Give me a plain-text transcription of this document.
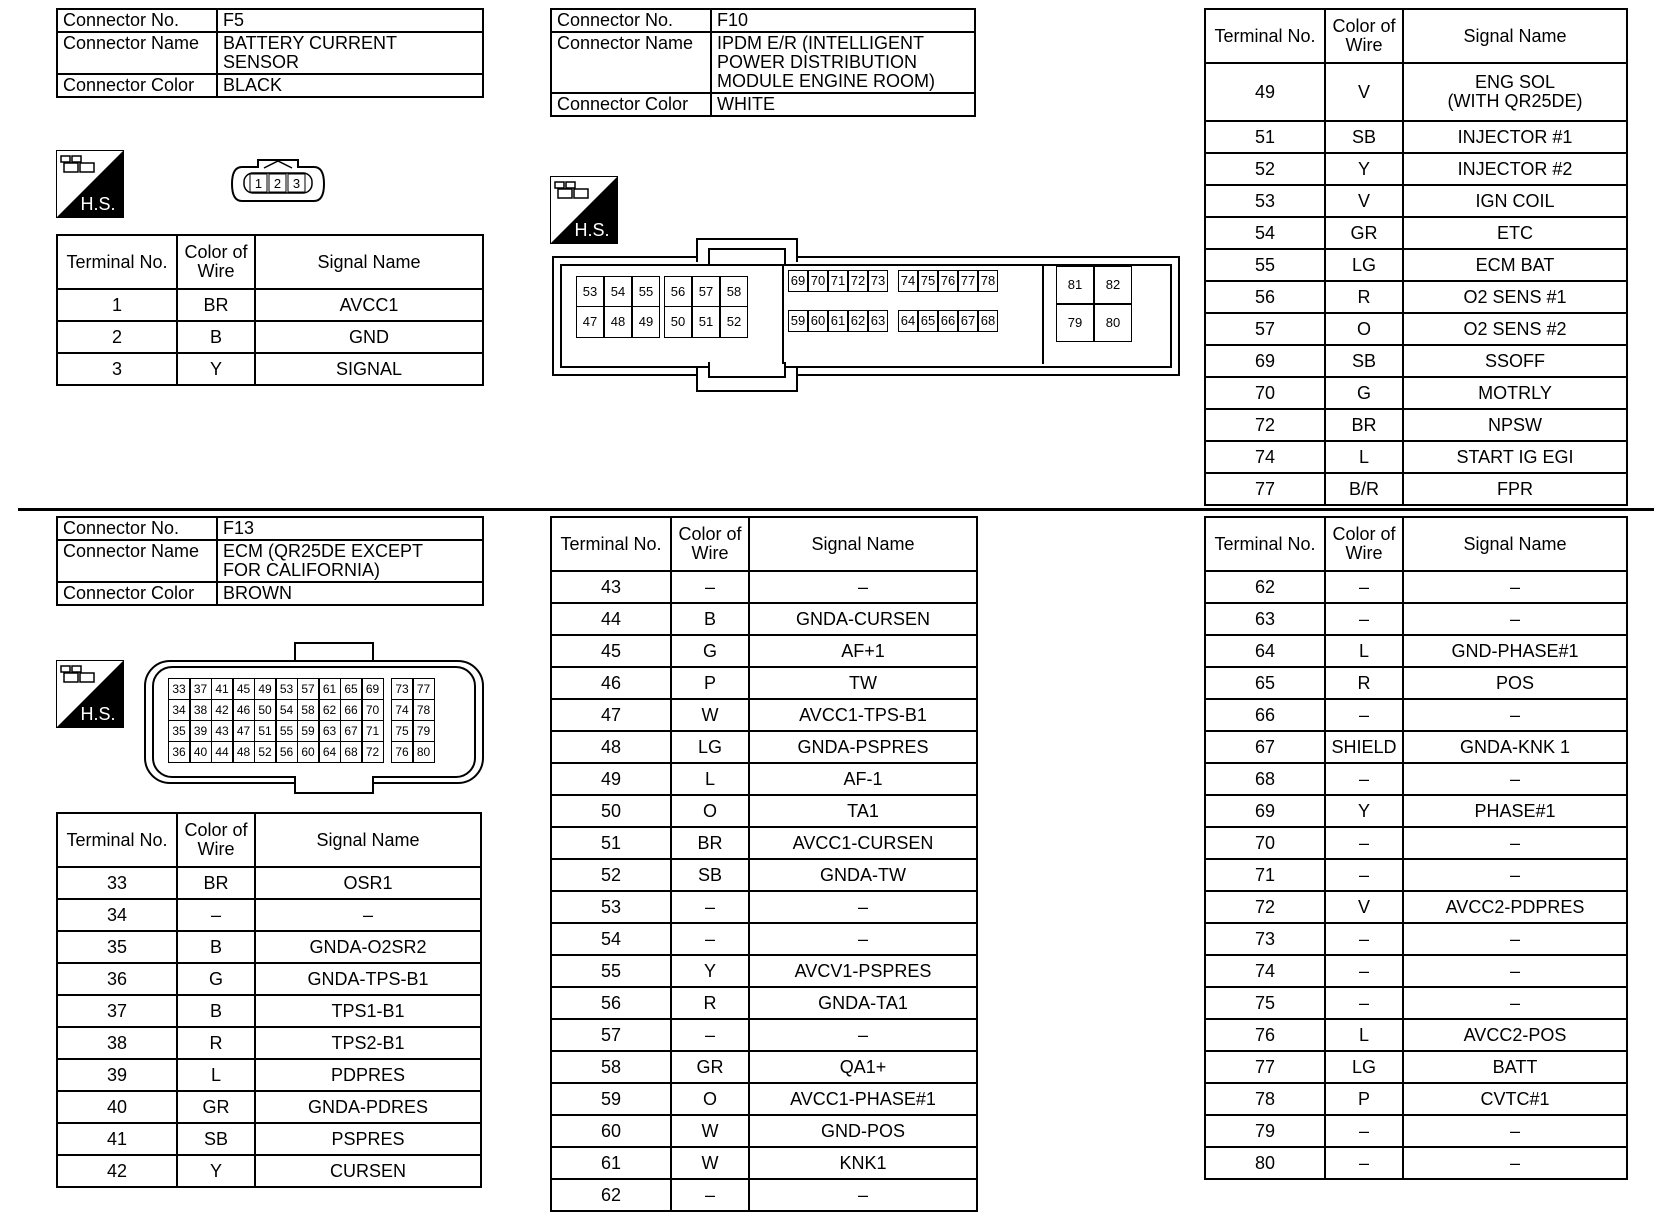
Connector No.	F5
Connector Name	BATTERY CURRENT
SENSOR
Connector Color	BLACK
H.S.
1 2 3
Terminal No.	Color of
Wire	Signal Name
1	BR	AVCC1
2	B	GND
3	Y	SIGNAL
Connector No.	F10
Connector Name	IPDM E/R (INTELLIGENT
POWER DISTRIBUTION
MODULE ENGINE ROOM)
Connector Color	WHITE
H.S.
53	54	55	56	57	58
47	48	49	50	51	52
69 70 71 72 73 74 75 76 77 78
59 60 61 62 63 64 65 66 67 68
81	82
79	80
Terminal No.	Color of
Wire	Signal Name
49	V	ENG SOL
(WITH QR25DE)
51	SB	INJECTOR #1
52	Y	INJECTOR #2
53	V	IGN COIL
54	GR	ETC
55	LG	ECM BAT
56	R	O2 SENS #1
57	O	O2 SENS #2
69	SB	SSOFF
70	G	MOTRLY
72	BR	NPSW
74	L	START IG EGI
77	B/R	FPR
Connector No.	F13
Connector Name	ECM (QR25DE EXCEPT
FOR CALIFORNIA)
Connector Color	BROWN
H.S.
33 37 41 45 49 53 57 61 65 69	73 77
34 38 42 46 50 54 58 62 66 70	74 78
35 39 43 47 51 55 59 63 67 71	75 79
36 40 44 48 52 56 60 64 68 72	76 80
Terminal No.	Color of
Wire	Signal Name
33	BR	OSR1
34	–	–
35	B	GNDA-O2SR2
36	G	GNDA-TPS-B1
37	B	TPS1-B1
38	R	TPS2-B1
39	L	PDPRES
40	GR	GNDA-PDRES
41	SB	PSPRES
42	Y	CURSEN
Terminal No.	Color of
Wire	Signal Name
43	–	–
44	B	GNDA-CURSEN
45	G	AF+1
46	P	TW
47	W	AVCC1-TPS-B1
48	LG	GNDA-PSPRES
49	L	AF-1
50	O	TA1
51	BR	AVCC1-CURSEN
52	SB	GNDA-TW
53	–	–
54	–	–
55	Y	AVCV1-PSPRES
56	R	GNDA-TA1
57	–	–
58	GR	QA1+
59	O	AVCC1-PHASE#1
60	W	GND-POS
61	W	KNK1
62	–	–
Terminal No.	Color of
Wire	Signal Name
62	–	–
63	–	–
64	L	GND-PHASE#1
65	R	POS
66	–	–
67	SHIELD	GNDA-KNK 1
68	–	–
69	Y	PHASE#1
70	–	–
71	–	–
72	V	AVCC2-PDPRES
73	–	–
74	–	–
75	–	–
76	L	AVCC2-POS
77	LG	BATT
78	P	CVTC#1
79	–	–
80	–	–
